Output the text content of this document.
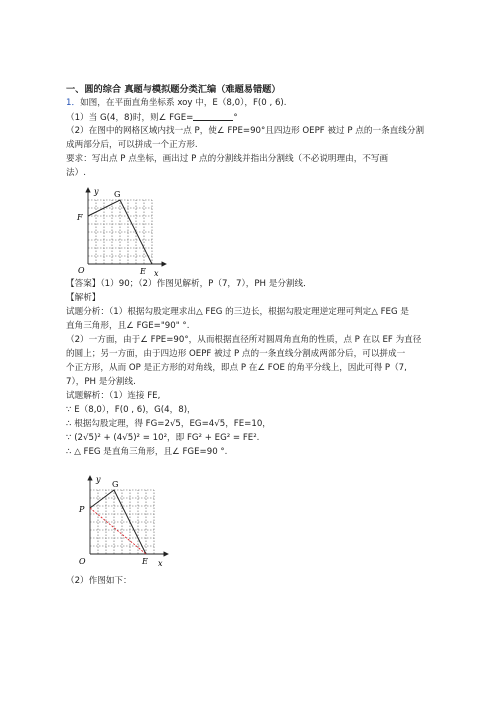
一、圆的综合 真题与模拟题分类汇编（难题易错题）
1．如图，在平面直角坐标系 xoy 中，E（8,0），F(0 , 6).
（1）当 G(4，8)时，则∠ FGE=	°
（2）在图中的网格区域内找一点 P，使∠ FPE=90°且四边形 OEPF 被过 P 点的一条直线分割
成两部分后，可以拼成一个正方形.
要求：写出点 P 点坐标，画出过 P 点的分割线并指出分割线（不必说明理由，不写画
法）.
y G
F
O	E x
【答案】（1）90；（2）作图见解析，P（7，7），PH 是分割线．
【解析】
试题分析：（1）根据勾股定理求出△ FEG 的三边长，根据勾股定理逆定理可判定△ FEG 是
直角三角形，且∠ FGE="90" °.
（2）一方面，由于∠ FPE=90°，从而根据直径所对圆周角直角的性质，点 P 在以 EF 为直径
的圆上；另一方面，由于四边形 OEPF 被过 P 点的一条直线分割成两部分后，可以拼成一
个正方形，从而 OP 是正方形的对角线，即点 P 在∠ FOE 的角平分线上，因此可得 P（7,
7），PH 是分割线.
试题解析：（1）连接 FE,
∵ E（8,0），F(0 , 6)，G(4，8)，
∴ 根据勾股定理，得 FG=2√5，EG=4√5，FE=10，
∵ (2√5)² + (4√5)² = 10²，即 FG² + EG² = FE².
∴ △ FEG 是直角三角形，且∠ FGE=90 °.
y
G
P
O	E x
（2）作图如下：
